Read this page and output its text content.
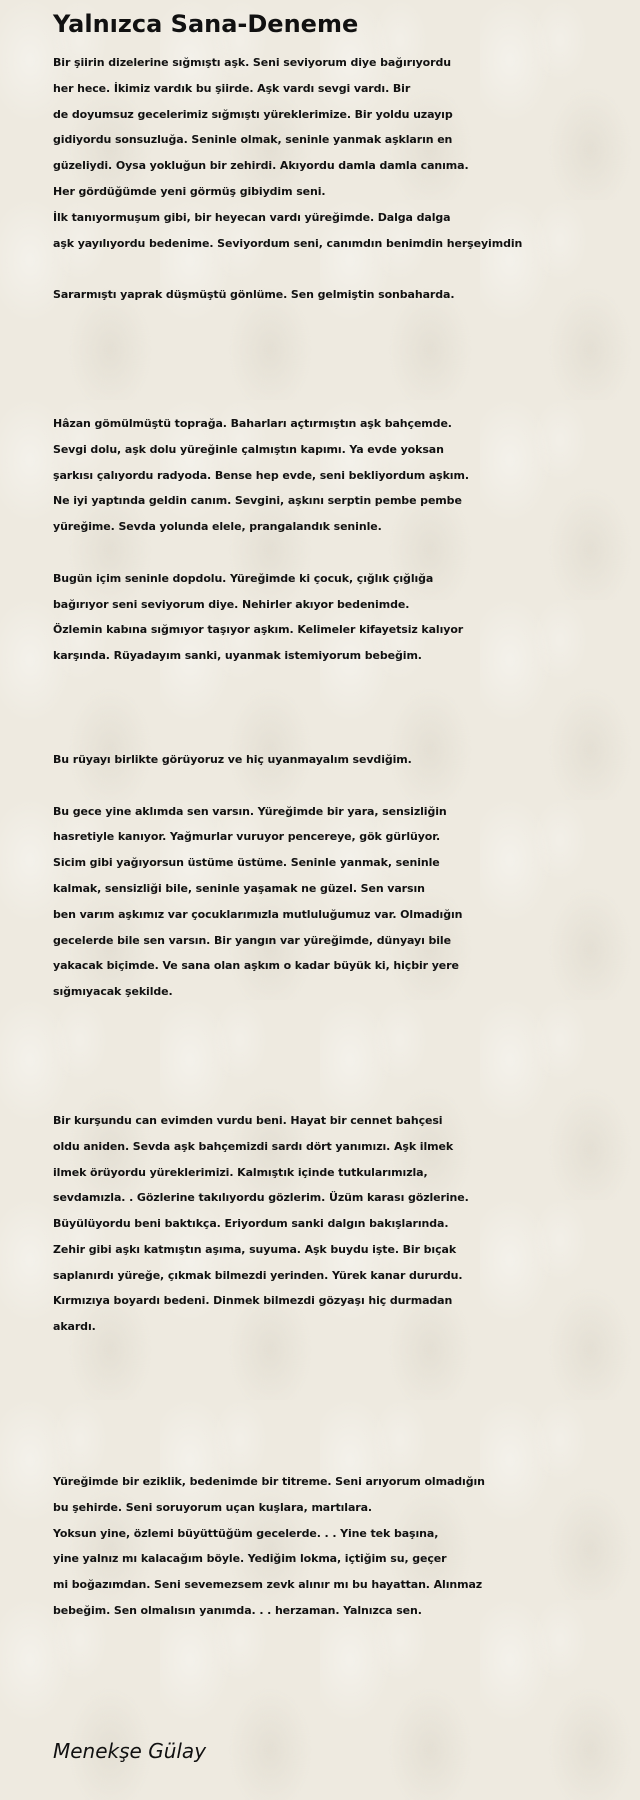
Yalnızca Sana-Deneme

Bir şiirin dizelerine sığmıştı aşk. Seni seviyorum diye bağırıyordu
her hece. İkimiz vardık bu şiirde. Aşk vardı sevgi vardı. Bir
de doyumsuz gecelerimiz sığmıştı yüreklerimize. Bir yoldu uzayıp
gidiyordu sonsuzluğa. Seninle olmak, seninle yanmak aşkların en
güzeliydi. Oysa yokluğun bir zehirdi. Akıyordu damla damla canıma.
Her gördüğümde yeni görmüş gibiydim seni.
İlk tanıyormuşum gibi, bir heyecan vardı yüreğimde. Dalga dalga
aşk yayılıyordu bedenime. Seviyordum seni, canımdın benimdin herşeyimdin

Sararmıştı yaprak düşmüştü gönlüme. Sen gelmiştin sonbaharda.

Hâzan gömülmüştü toprağa. Baharları açtırmıştın aşk bahçemde.
Sevgi dolu, aşk dolu yüreğinle çalmıştın kapımı. Ya evde yoksan
şarkısı çalıyordu radyoda. Bense hep evde, seni bekliyordum aşkım.
Ne iyi yaptında geldin canım. Sevgini, aşkını serptin pembe pembe
yüreğime. Sevda yolunda elele, prangalandık seninle.

Bugün içim seninle dopdolu. Yüreğimde ki çocuk, çığlık çığlığa
bağırıyor seni seviyorum diye. Nehirler akıyor bedenimde.
Özlemin kabına sığmıyor taşıyor aşkım. Kelimeler kifayetsiz kalıyor
karşında. Rüyadayım sanki, uyanmak istemiyorum bebeğim.

Bu rüyayı birlikte görüyoruz ve hiç uyanmayalım sevdiğim.

Bu gece yine aklımda sen varsın. Yüreğimde bir yara, sensizliğin
hasretiyle kanıyor. Yağmurlar vuruyor pencereye, gök gürlüyor.
Sicim gibi yağıyorsun üstüme üstüme. Seninle yanmak, seninle
kalmak, sensizliği bile, seninle yaşamak ne güzel. Sen varsın
ben varım aşkımız var çocuklarımızla mutluluğumuz var. Olmadığın
gecelerde bile sen varsın. Bir yangın var yüreğimde, dünyayı bile
yakacak biçimde. Ve sana olan aşkım o kadar büyük ki, hiçbir yere
sığmıyacak şekilde.

Bir kurşundu can evimden vurdu beni. Hayat bir cennet bahçesi
oldu aniden. Sevda aşk bahçemizdi sardı dört yanımızı. Aşk ilmek
ilmek örüyordu yüreklerimizi. Kalmıştık içinde tutkularımızla,
sevdamızla. . Gözlerine takılıyordu gözlerim. Üzüm karası gözlerine.
Büyülüyordu beni baktıkça. Eriyordum sanki dalgın bakışlarında.
Zehir gibi aşkı katmıştın aşıma, suyuma. Aşk buydu işte. Bir bıçak
saplanırdı yüreğe, çıkmak bilmezdi yerinden. Yürek kanar dururdu.
Kırmızıya boyardı bedeni. Dinmek bilmezdi gözyaşı hiç durmadan
akardı.

Yüreğimde bir eziklik, bedenimde bir titreme. Seni arıyorum olmadığın
bu şehirde. Seni soruyorum uçan kuşlara, martılara.
Yoksun yine, özlemi büyüttüğüm gecelerde. . . Yine tek başına,
yine yalnız mı kalacağım böyle. Yediğim lokma, içtiğim su, geçer
mi boğazımdan. Seni sevemezsem zevk alınır mı bu hayattan. Alınmaz
bebeğim. Sen olmalısın yanımda. . . herzaman. Yalnızca sen.

Menekşe Gülay
